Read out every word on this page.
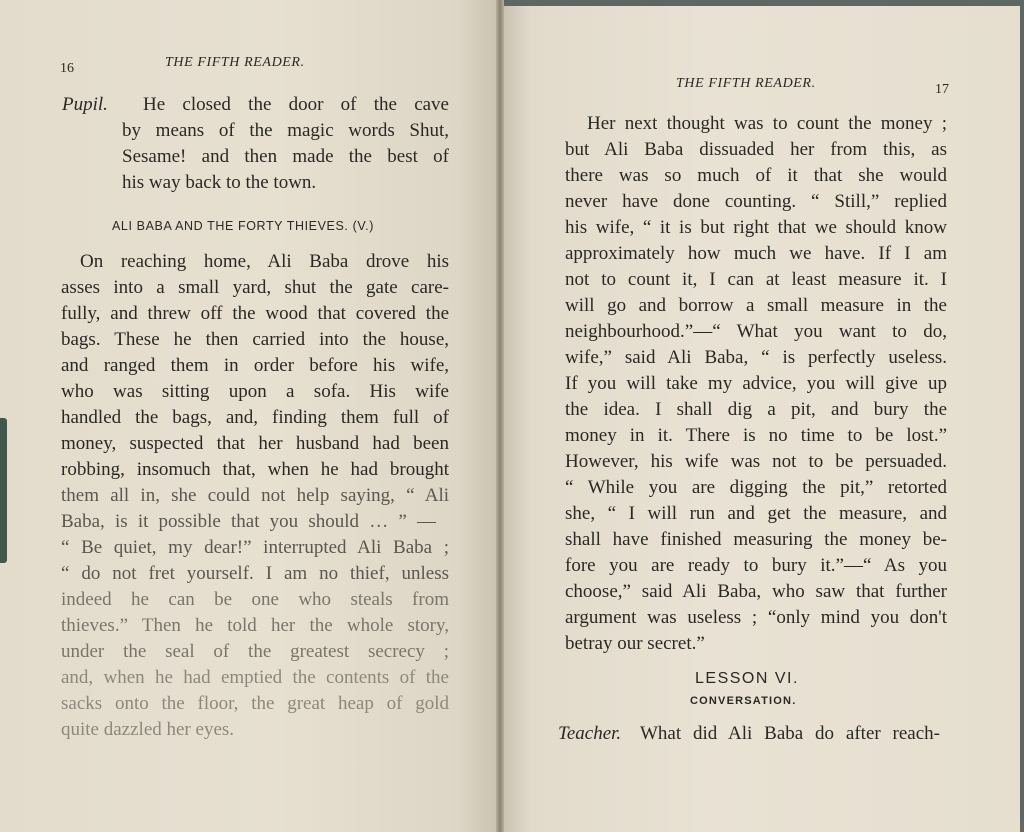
16	THE FIFTH READER.
Pupil. He closed the door of the cave
by means of the magic words Shut,
Sesame! and then made the best of
his way back to the town.
ALI BABA AND THE FORTY THIEVES. (V.)
On reaching home, Ali Baba drove his
asses into a small yard, shut the gate care-
fully, and threw off the wood that covered the
bags. These he then carried into the house,
and ranged them in order before his wife,
who was sitting upon a sofa. His wife
handled the bags, and, finding them full of
money, suspected that her husband had been
robbing, insomuch that, when he had brought
them all in, she could not help saying, “ Ali
Baba, is it possible that you should … ” —
“ Be quiet, my dear!” interrupted Ali Baba ;
“ do not fret yourself. I am no thief, unless
indeed he can be one who steals from
thieves.” Then he told her the whole story,
under the seal of the greatest secrecy ;
and, when he had emptied the contents of the
sacks onto the floor, the great heap of gold
quite dazzled her eyes.
THE FIFTH READER.	17
Her next thought was to count the money ;
but Ali Baba dissuaded her from this, as
there was so much of it that she would
never have done counting. “ Still,” replied
his wife, “ it is but right that we should know
approximately how much we have. If I am
not to count it, I can at least measure it. I
will go and borrow a small measure in the
neighbourhood.”—“ What you want to do,
wife,” said Ali Baba, “ is perfectly useless.
If you will take my advice, you will give up
the idea. I shall dig a pit, and bury the
money in it. There is no time to be lost.”
However, his wife was not to be persuaded.
“ While you are digging the pit,” retorted
she, “ I will run and get the measure, and
shall have finished measuring the money be-
fore you are ready to bury it.”—“ As you
choose,” said Ali Baba, who saw that further
argument was useless ; “only mind you don't
betray our secret.”
LESSON VI.
CONVERSATION.
Teacher. What did Ali Baba do after reach-
